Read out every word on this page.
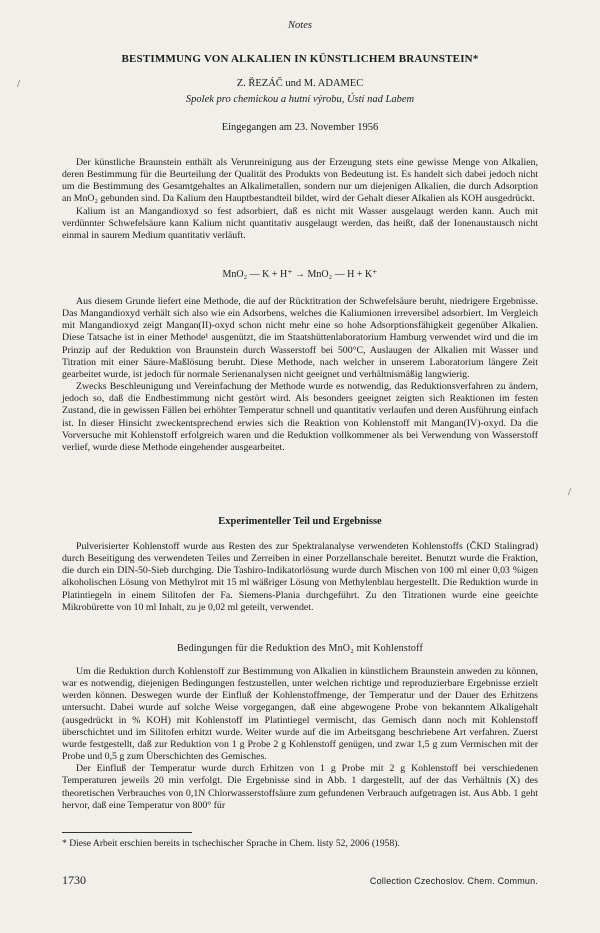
/
/
Notes
BESTIMMUNG VON ALKALIEN IN KÜNSTLICHEM BRAUNSTEIN*
Z. ŘEZÁČ und M. ADAMEC
Spolek pro chemickou a hutní výrobu, Ústí nad Labem
Eingegangen am 23. November 1956

Der künstliche Braunstein enthält als Verunreinigung aus der Erzeugung stets eine gewisse Menge von Alkalien, deren Bestimmung für die Beurteilung der Qualität des Produkts von Bedeutung ist. Es handelt sich dabei jedoch nicht um die Bestimmung des Gesamtgehaltes an Alkalimetallen, sondern nur um diejenigen Alkalien, die durch Adsorption an MnO₂ gebunden sind. Da Kalium den Hauptbestandteil bildet, wird der Gehalt dieser Alkalien als KOH ausgedrückt.

Kalium ist an Mangandioxyd so fest adsorbiert, daß es nicht mit Wasser ausgelaugt werden kann. Auch mit verdünnter Schwefelsäure kann Kalium nicht quantitativ ausgelaugt werden, das heißt, daß der Ionenaustausch nicht einmal in saurem Medium quantitativ verläuft.

MnO₂ — K + H⁺ → MnO₂ — H + K⁺

Aus diesem Grunde liefert eine Methode, die auf der Rücktitration der Schwefelsäure beruht, niedrigere Ergebnisse. Das Mangandioxyd verhält sich also wie ein Adsorbens, welches die Kaliumionen irreversibel adsorbiert. Im Vergleich mit Mangandioxyd zeigt Mangan(II)-oxyd schon nicht mehr eine so hohe Adsorptionsfähigkeit gegenüber Alkalien. Diese Tatsache ist in einer Methode¹ ausgenützt, die im Staatshüttenlaboratorium Hamburg verwendet wird und die im Prinzip auf der Reduktion von Braunstein durch Wasserstoff bei 500°C, Auslaugen der Alkalien mit Wasser und Titration mit einer Säure-Maßlösung beruht. Diese Methode, nach welcher in unserem Laboratorium längere Zeit gearbeitet wurde, ist jedoch für normale Serienanalysen nicht geeignet und verhältnismäßig langwierig.

Zwecks Beschleunigung und Vereinfachung der Methode wurde es notwendig, das Reduktionsverfahren zu ändern, jedoch so, daß die Endbestimmung nicht gestört wird. Als besonders geeignet zeigten sich Reaktionen im festen Zustand, die in gewissen Fällen bei erhöhter Temperatur schnell und quantitativ verlaufen und deren Ausführung einfach ist. In dieser Hinsicht zweckentsprechend erwies sich die Reaktion von Kohlenstoff mit Mangan(IV)-oxyd. Da die Vorversuche mit Kohlenstoff erfolgreich waren und die Reduktion vollkommener als bei Verwendung von Wasserstoff verlief, wurde diese Methode eingehender ausgearbeitet.

Experimenteller Teil und Ergebnisse

Pulverisierter Kohlenstoff wurde aus Resten des zur Spektralanalyse verwendeten Kohlenstoffs (ČKD Stalingrad) durch Beseitigung des verwendeten Teiles und Zerreiben in einer Porzellanschale bereitet. Benutzt wurde die Fraktion, die durch ein DIN-50-Sieb durchging. Die Tashiro-Indikatorlösung wurde durch Mischen von 100 ml einer 0,03 %igen alkoholischen Lösung von Methylrot mit 15 ml wäßriger Lösung von Methylenblau hergestellt. Die Reduktion wurde in Platintiegeln in einem Silitofen der Fa. Siemens-Plania durchgeführt. Zu den Titrationen wurde eine geeichte Mikrobürette von 10 ml Inhalt, zu je 0,02 ml geteilt, verwendet.

Bedingungen für die Reduktion des MnO₂ mit Kohlenstoff

Um die Reduktion durch Kohlenstoff zur Bestimmung von Alkalien in künstlichem Braunstein anweden zu können, war es notwendig, diejenigen Bedingungen festzustellen, unter welchen richtige und reproduzierbare Ergebnisse erzielt werden können. Deswegen wurde der Einfluß der Kohlenstoffmenge, der Temperatur und der Dauer des Erhitzens untersucht. Dabei wurde auf solche Weise vorgegangen, daß eine abgewogene Probe von bekanntem Alkaligehalt (ausgedrückt in % KOH) mit Kohlenstoff im Platintiegel vermischt, das Gemisch dann noch mit Kohlenstoff überschichtet und im Silitofen erhitzt wurde. Weiter wurde auf die im Arbeitsgang beschriebene Art verfahren. Zuerst wurde festgestellt, daß zur Reduktion von 1 g Probe 2 g Kohlenstoff genügen, und zwar 1,5 g zum Vermischen mit der Probe und 0,5 g zum Überschichten des Gemisches.

Der Einfluß der Temperatur wurde durch Erhitzen von 1 g Probe mit 2 g Kohlenstoff bei verschiedenen Temperaturen jeweils 20 min verfolgt. Die Ergebnisse sind in Abb. 1 dargestellt, auf der das Verhältnis (X) des theoretischen Verbrauches von 0,1N Chlorwasserstoffsäure zum gefundenen Verbrauch aufgetragen ist. Aus Abb. 1 geht hervor, daß eine Temperatur von 800° für

* Diese Arbeit erschien bereits in tschechischer Sprache in Chem. listy 52, 2006 (1958).
1730	Collection Czechoslov. Chem. Commun.
